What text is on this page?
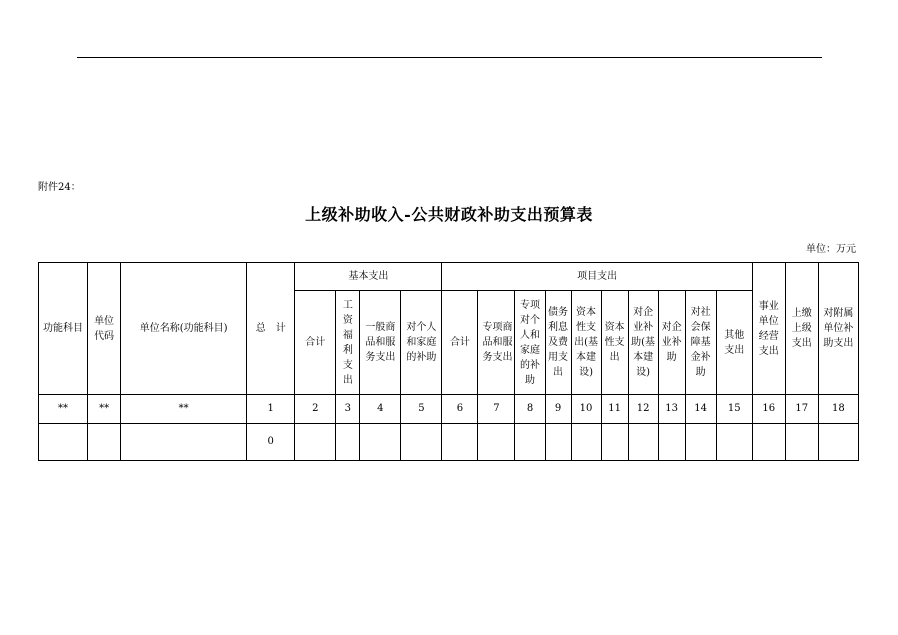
附件24：
上级补助收入-公共财政补助支出预算表
单位：万元
功能科目	单位代码	单位名称(功能科目)	总　计	基本支出				项目支出										事业单位经营支出	上缴上级支出	对附属单位补助支出
				合计	工资福利支出	一般商品和服务支出	对个人和家庭的补助	合计	专项商品和服务支出	专项对个人和家庭的补助	债务利息及费用支出	资本性支出(基本建设)	资本性支出	对企业补助(基本建设)	对企业补助	对社会保障基金补助	其他支出			
**	**	**	1	2	3	4	5	6	7	8	9	10	11	12	13	14	15	16	17	18
			0																	
